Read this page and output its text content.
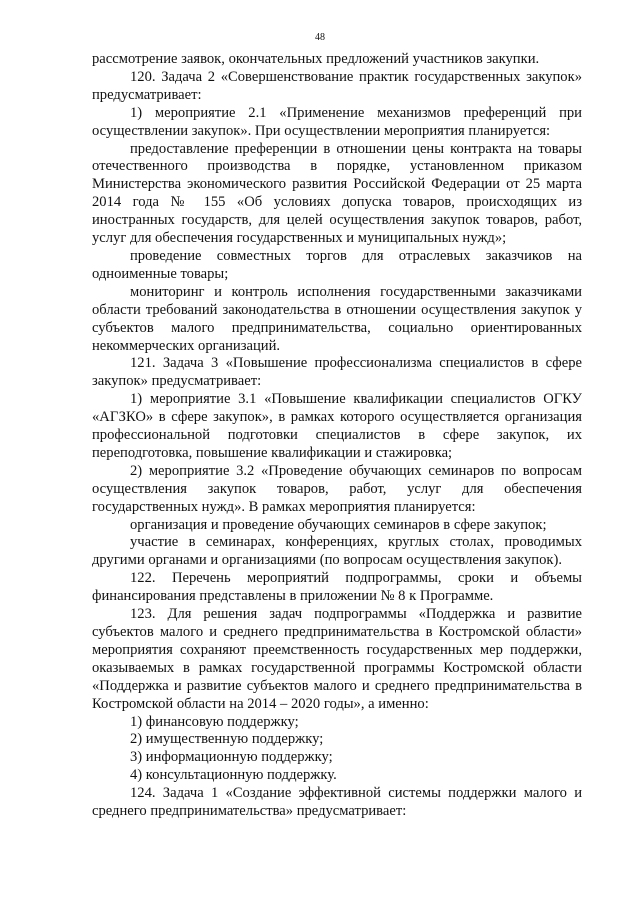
48

рассмотрение заявок, окончательных предложений участников закупки.

120. Задача 2 «Совершенствование практик государственных закупок» предусматривает:

1) мероприятие 2.1 «Применение механизмов преференций при осуществлении закупок». При осуществлении мероприятия планируется:

предоставление преференции в отношении цены контракта на товары отечественного производства в порядке, установленном приказом Министерства экономического развития Российской Федерации от 25 марта 2014 года № 155 «Об условиях допуска товаров, происходящих из иностранных государств, для целей осуществления закупок товаров, работ, услуг для обеспечения государственных и муниципальных нужд»;

проведение совместных торгов для отраслевых заказчиков на одноименные товары;

мониторинг и контроль исполнения государственными заказчиками области требований законодательства в отношении осуществления закупок у субъектов малого предпринимательства, социально ориентированных некоммерческих организаций.

121. Задача 3 «Повышение профессионализма специалистов в сфере закупок» предусматривает:

1) мероприятие 3.1 «Повышение квалификации специалистов ОГКУ «АГЗКО» в сфере закупок», в рамках которого осуществляется организация профессиональной подготовки специалистов в сфере закупок, их переподготовка, повышение квалификации и стажировка;

2) мероприятие 3.2 «Проведение обучающих семинаров по вопросам осуществления закупок товаров, работ, услуг для обеспечения государственных нужд». В рамках мероприятия планируется:

организация и проведение обучающих семинаров в сфере закупок;

участие в семинарах, конференциях, круглых столах, проводимых другими органами и организациями (по вопросам осуществления закупок).

122. Перечень мероприятий подпрограммы, сроки и объемы финансирования представлены в приложении № 8 к Программе.

123. Для решения задач подпрограммы «Поддержка и развитие субъектов малого и среднего предпринимательства в Костромской области» мероприятия сохраняют преемственность государственных мер поддержки, оказываемых в рамках государственной программы Костромской области «Поддержка и развитие субъектов малого и среднего предпринимательства в Костромской области на 2014 – 2020 годы», а именно:

1) финансовую поддержку;

2) имущественную поддержку;

3) информационную поддержку;

4) консультационную поддержку.

124. Задача 1 «Создание эффективной системы поддержки малого и среднего предпринимательства» предусматривает:
